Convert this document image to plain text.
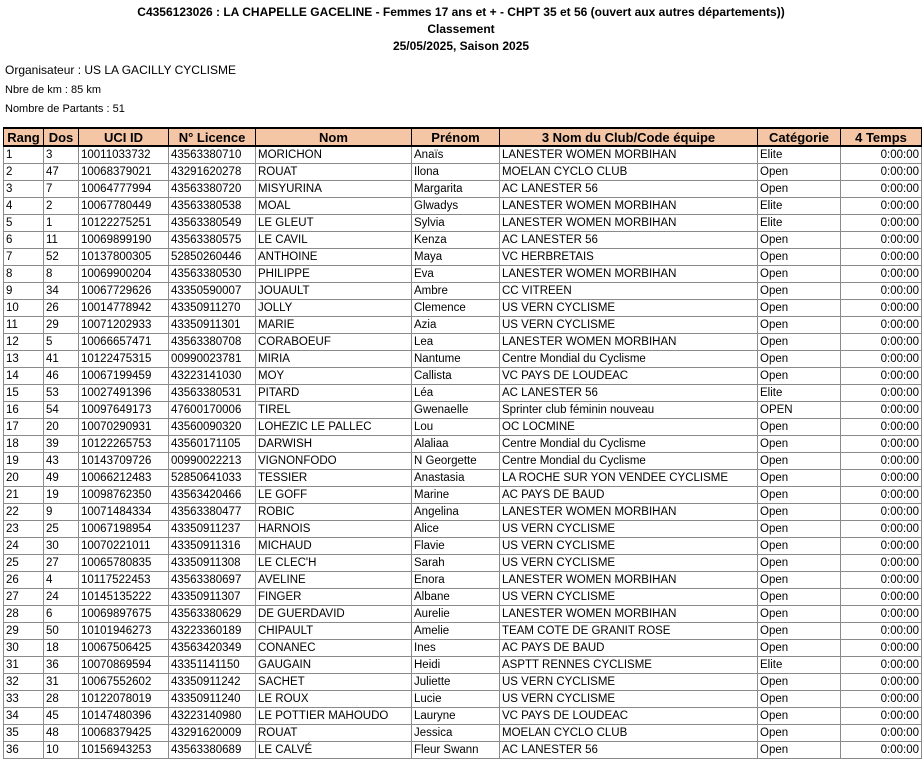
C4356123026 : LA CHAPELLE GACELINE - Femmes 17 ans et + - CHPT 35 et 56 (ouvert aux autres départements))
Classement
25/05/2025, Saison 2025
Organisateur : US LA GACILLY CYCLISME
Nbre de km : 85 km
Nombre de Partants : 51
Rang	Dos	UCI ID	N° Licence	Nom	Prénom	3 Nom du Club/Code équipe	Catégorie	4 Temps
1	3	10011033732	43563380710	MORICHON	Anaïs	LANESTER WOMEN MORBIHAN	Elite	0:00:00
2	47	10068379021	43291620278	ROUAT	Ilona	MOELAN CYCLO CLUB	Open	0:00:00
3	7	10064777994	43563380720	MISYURINA	Margarita	AC LANESTER 56	Open	0:00:00
4	2	10067780449	43563380538	MOAL	Glwadys	LANESTER WOMEN MORBIHAN	Elite	0:00:00
5	1	10122275251	43563380549	LE GLEUT	Sylvia	LANESTER WOMEN MORBIHAN	Elite	0:00:00
6	11	10069899190	43563380575	LE CAVIL	Kenza	AC LANESTER 56	Open	0:00:00
7	52	10137800305	52850260446	ANTHOINE	Maya	VC HERBRETAIS	Open	0:00:00
8	8	10069900204	43563380530	PHILIPPE	Eva	LANESTER WOMEN MORBIHAN	Open	0:00:00
9	34	10067729626	43350590007	JOUAULT	Ambre	CC VITREEN	Open	0:00:00
10	26	10014778942	43350911270	JOLLY	Clemence	US VERN CYCLISME	Open	0:00:00
11	29	10071202933	43350911301	MARIE	Azia	US VERN CYCLISME	Open	0:00:00
12	5	10066657471	43563380708	CORABOEUF	Lea	LANESTER WOMEN MORBIHAN	Open	0:00:00
13	41	10122475315	00990023781	MIRIA	Nantume	Centre Mondial du Cyclisme	Open	0:00:00
14	46	10067199459	43223141030	MOY	Callista	VC PAYS DE LOUDEAC	Open	0:00:00
15	53	10027491396	43563380531	PITARD	Léa	AC LANESTER 56	Elite	0:00:00
16	54	10097649173	47600170006	TIREL	Gwenaelle	Sprinter club féminin nouveau	OPEN	0:00:00
17	20	10070290931	43560090320	LOHEZIC LE PALLEC	Lou	OC LOCMINE	Open	0:00:00
18	39	10122265753	43560171105	DARWISH	Alaliaa	Centre Mondial du Cyclisme	Open	0:00:00
19	43	10143709726	00990022213	VIGNONFODO	N Georgette	Centre Mondial du Cyclisme	Open	0:00:00
20	49	10066212483	52850641033	TESSIER	Anastasia	LA ROCHE SUR YON VENDEE CYCLISME	Open	0:00:00
21	19	10098762350	43563420466	LE GOFF	Marine	AC PAYS DE BAUD	Open	0:00:00
22	9	10071484334	43563380477	ROBIC	Angelina	LANESTER WOMEN MORBIHAN	Open	0:00:00
23	25	10067198954	43350911237	HARNOIS	Alice	US VERN CYCLISME	Open	0:00:00
24	30	10070221011	43350911316	MICHAUD	Flavie	US VERN CYCLISME	Open	0:00:00
25	27	10065780835	43350911308	LE CLEC'H	Sarah	US VERN CYCLISME	Open	0:00:00
26	4	10117522453	43563380697	AVELINE	Enora	LANESTER WOMEN MORBIHAN	Open	0:00:00
27	24	10145135222	43350911307	FINGER	Albane	US VERN CYCLISME	Open	0:00:00
28	6	10069897675	43563380629	DE GUERDAVID	Aurelie	LANESTER WOMEN MORBIHAN	Open	0:00:00
29	50	10101946273	43223360189	CHIPAULT	Amelie	TEAM COTE DE GRANIT ROSE	Open	0:00:00
30	18	10067506425	43563420349	CONANEC	Ines	AC PAYS DE BAUD	Open	0:00:00
31	36	10070869594	43351141150	GAUGAIN	Heidi	ASPTT RENNES CYCLISME	Elite	0:00:00
32	31	10067552602	43350911242	SACHET	Juliette	US VERN CYCLISME	Open	0:00:00
33	28	10122078019	43350911240	LE ROUX	Lucie	US VERN CYCLISME	Open	0:00:00
34	45	10147480396	43223140980	LE POTTIER MAHOUDO	Lauryne	VC PAYS DE LOUDEAC	Open	0:00:00
35	48	10068379425	43291620009	ROUAT	Jessica	MOELAN CYCLO CLUB	Open	0:00:00
36	10	10156943253	43563380689	LE CALVÉ	Fleur Swann	AC LANESTER 56	Open	0:00:00
